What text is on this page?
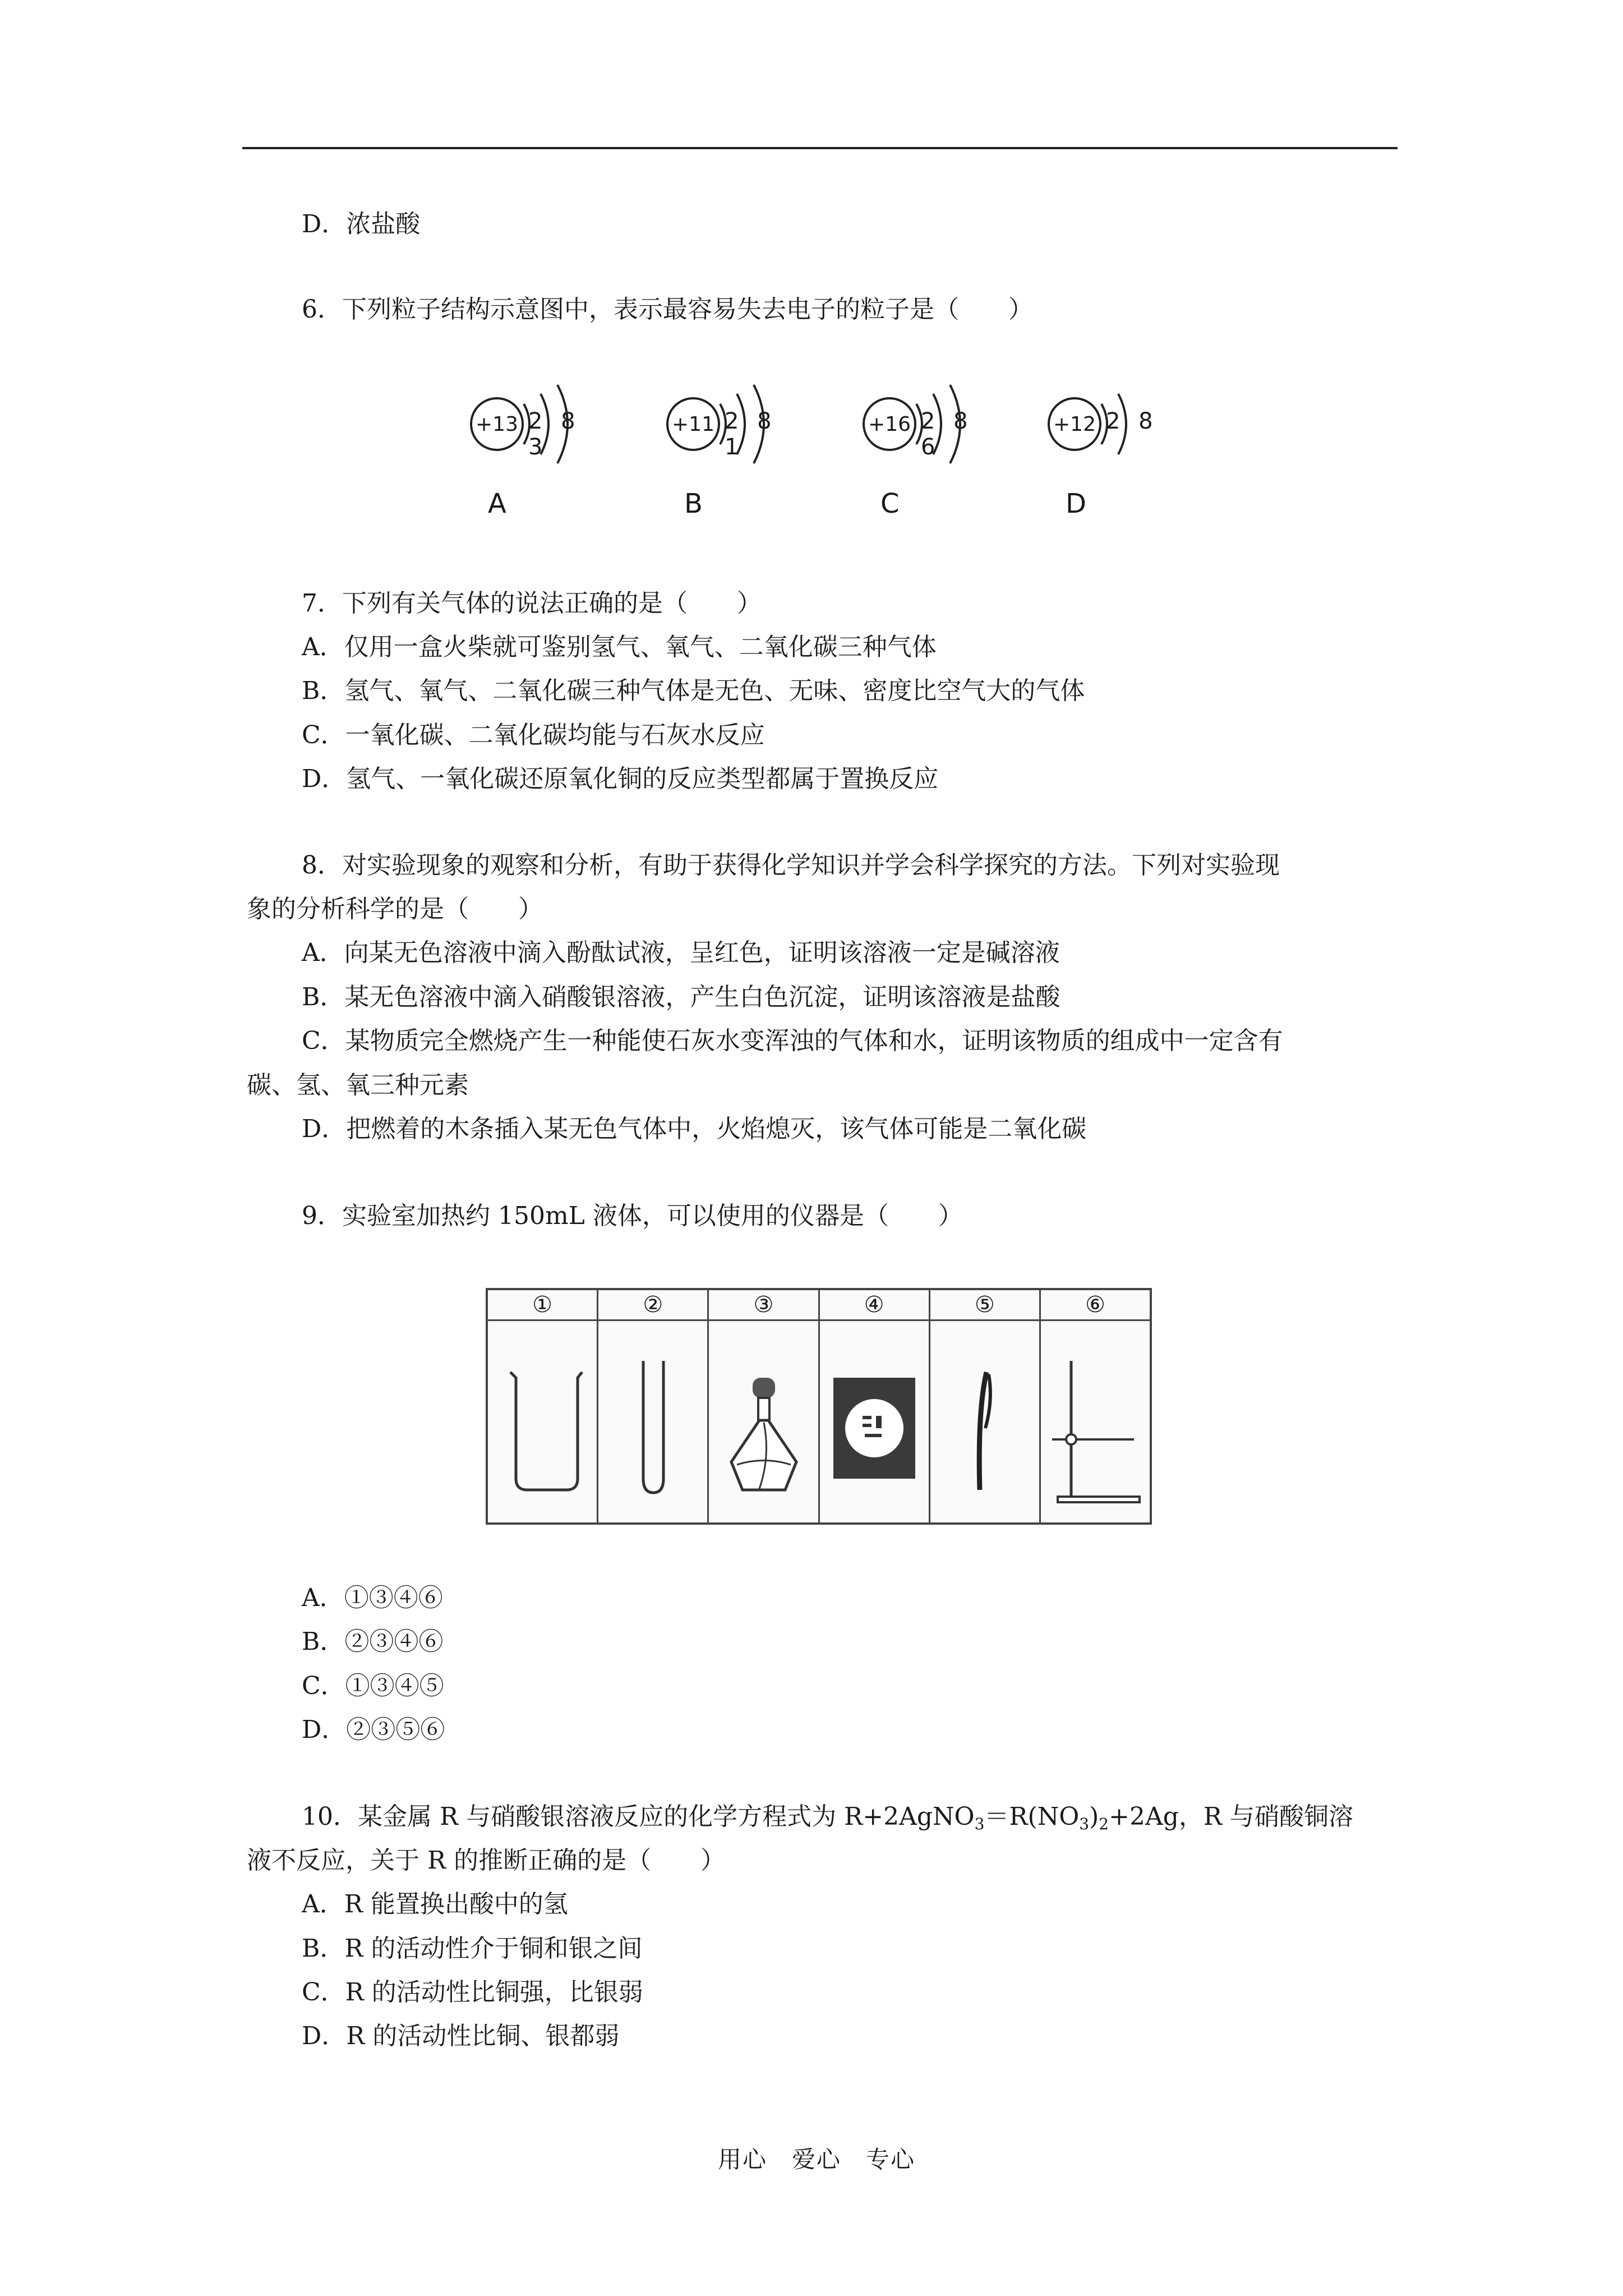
D．浓盐酸
6．下列粒子结构示意图中，表示最容易失去电子的粒子是（　　）
+13 2 8 3
A
+11 2 8 1
B
+16 2 8 6
C
+12 2 8
D
7．下列有关气体的说法正确的是（　　）
A．仅用一盒火柴就可鉴别氢气、氧气、二氧化碳三种气体
B．氢气、氧气、二氧化碳三种气体是无色、无味、密度比空气大的气体
C．一氧化碳、二氧化碳均能与石灰水反应
D．氢气、一氧化碳还原氧化铜的反应类型都属于置换反应
8．对实验现象的观察和分析，有助于获得化学知识并学会科学探究的方法。下列对实验现
象的分析科学的是（　　）
A．向某无色溶液中滴入酚酞试液，呈红色，证明该溶液一定是碱溶液
B．某无色溶液中滴入硝酸银溶液，产生白色沉淀，证明该溶液是盐酸
C．某物质完全燃烧产生一种能使石灰水变浑浊的气体和水，证明该物质的组成中一定含有
碳、氢、氧三种元素
D．把燃着的木条插入某无色气体中，火焰熄灭，该气体可能是二氧化碳
9．实验室加热约 150mL 液体，可以使用的仪器是（　　）
①	②	③	④	⑤	⑥
A．①③④⑥
B．②③④⑥
C．①③④⑤
D．②③⑤⑥
10．某金属 R 与硝酸银溶液反应的化学方程式为 $R+2AgNO_3=R(NO_3)_2+2Ag$，R 与硝酸铜溶
液不反应，关于 R 的推断正确的是（　　）
A．R 能置换出酸中的氢
B．R 的活动性介于铜和银之间
C．R 的活动性比铜强，比银弱
D．R 的活动性比铜、银都弱
用心　爱心　专心
